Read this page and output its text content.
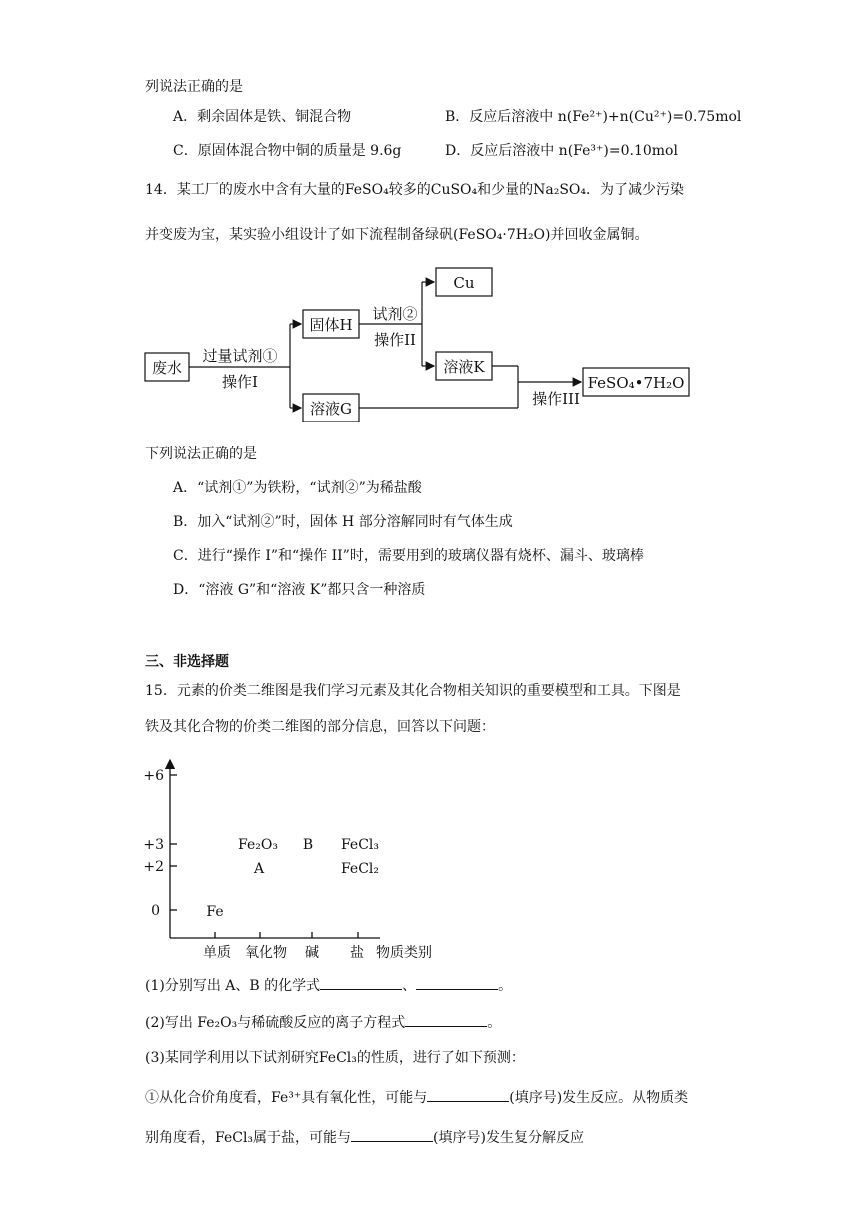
列说法正确的是
A．剩余固体是铁、铜混合物	B．反应后溶液中 n(Fe²⁺)+n(Cu²⁺)=0.75mol
C．原固体混合物中铜的质量是 9.6g	D．反应后溶液中 n(Fe³⁺)=0.10mol
14．某工厂的废水中含有大量的FeSO₄较多的CuSO₄和少量的Na₂SO₄．为了减少污染
并变废为宝，某实验小组设计了如下流程制备绿矾(FeSO₄·7H₂O)并回收金属铜。
废水
过量试剂①
操作I
固体H
溶液G
试剂②
操作II
Cu
溶液K
操作III
FeSO₄•7H₂O
下列说法正确的是
A．“试剂①”为铁粉，“试剂②”为稀盐酸
B．加入“试剂②”时，固体 H 部分溶解同时有气体生成
C．进行“操作 I”和“操作 II”时，需要用到的玻璃仪器有烧杯、漏斗、玻璃棒
D．“溶液 G”和“溶液 K”都只含一种溶质
三、非选择题
15．元素的价类二维图是我们学习元素及其化合物相关知识的重要模型和工具。下图是
铁及其化合物的价类二维图的部分信息，回答以下问题：
+6
+3
+2
0
单质 氧化物 碱 盐 物质类别
Fe
Fe₂O₃
A
B FeCl₃
FeCl₂
(1)分别写出 A、B 的化学式	、	。
(2)写出 Fe₂O₃与稀硫酸反应的离子方程式	。
(3)某同学利用以下试剂研究FeCl₃的性质，进行了如下预测：
①从化合价角度看，Fe³⁺具有氧化性，可能与	(填序号)发生反应。从物质类
别角度看，FeCl₃属于盐，可能与	(填序号)发生复分解反应
